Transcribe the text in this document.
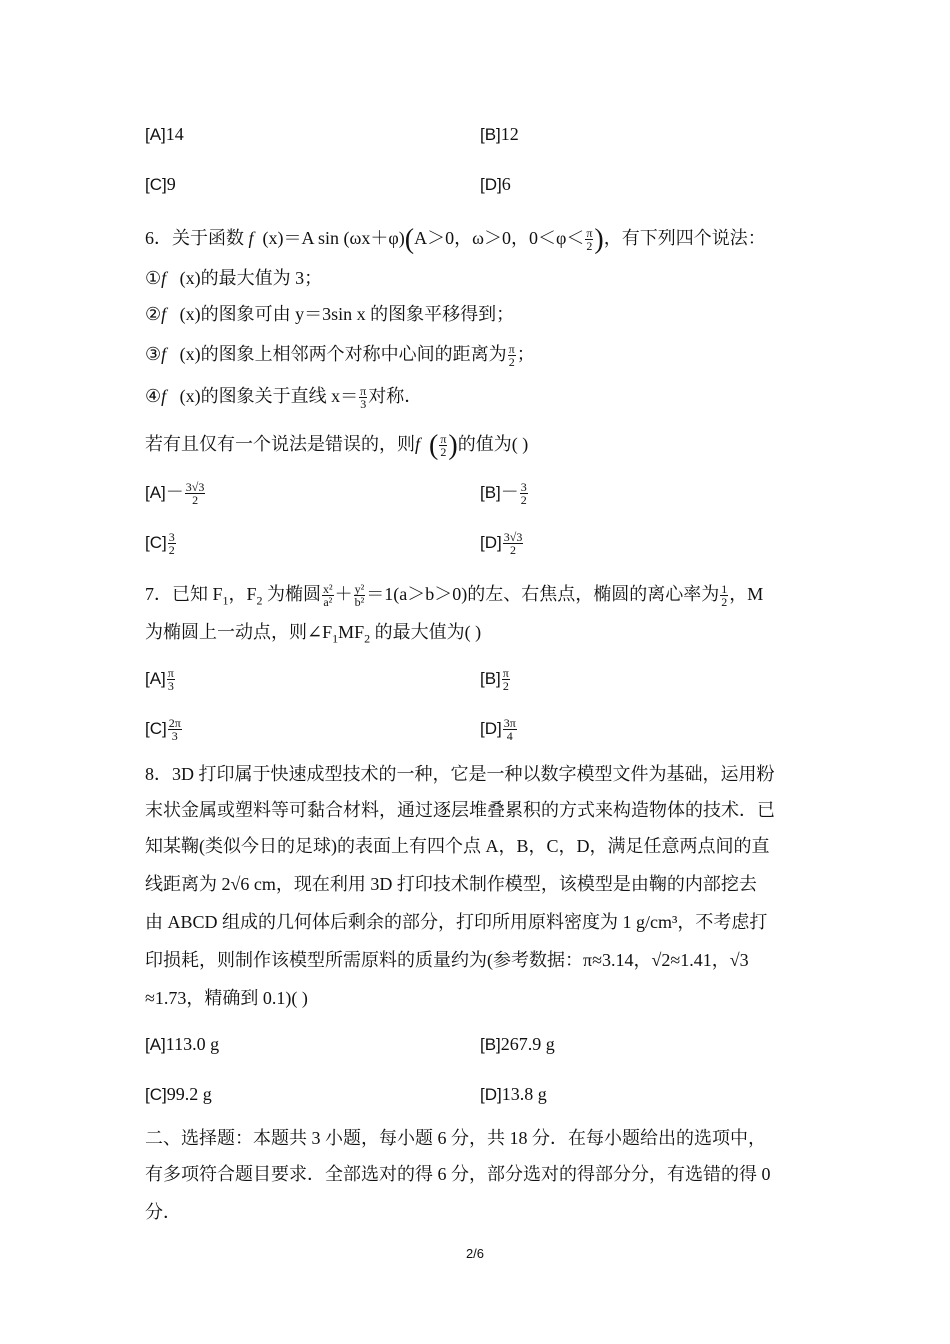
[A]14	[B]12
[C]9	[D]6
6．关于函数 f (x)＝A sin (ωx＋φ)(A＞0，ω＞0，$0<\varphi< \frac{\pi}{2}$ )，有下列四个说法：
①f (x)的最大值为 3；
②f (x)的图象可由 y＝3sin x 的图象平移得到；
③f (x)的图象上相邻两个对称中心间的距离为 $\frac{\pi}{2}$ ；
④f (x)的图象关于直线 $x= \frac{\pi}{3}$ 对称．
若有且仅有一个说法是错误的，则f ( $\frac{\pi}{2}$ )的值为( )
$[A]- \frac{3√3}{2}$	$[B]- \frac{3}{2}$
$[C] \frac{3}{2}$	$[D] \frac{3√3}{2}$
7．已知 $F_1$，$F_2$ 为椭圆 $\frac{\text{x²}}{\text{a²}} + \frac{\text{y²}}{\text{b²}} =1(a>b>0)$的左、右焦点，椭圆的离心率为 $\frac{1}{2}$ ，M
为椭圆上一动点，则$\angle F_1MF_2$ 的最大值为( )
$[A] \frac{\pi}{3}$	$[B] \frac{\pi}{2}$
$[C] \frac{2\pi}{3}$	$[D] \frac{3\pi}{4}$
8．3D 打印属于快速成型技术的一种，它是一种以数字模型文件为基础，运用粉
末状金属或塑料等可黏合材料，通过逐层堆叠累积的方式来构造物体的技术．已
知某鞠(类似今日的足球)的表面上有四个点 A，B，C，D，满足任意两点间的直
线距离为 2√6 cm，现在利用 3D 打印技术制作模型，该模型是由鞠的内部挖去
由 ABCD 组成的几何体后剩余的部分，打印所用原料密度为 1 g/cm³，不考虑打
印损耗，则制作该模型所需原料的质量约为(参考数据：π≈3.14，√2≈1.41，√3
≈1.73，精确到 0.1)( )
[A]113.0 g	[B]267.9 g
[C]99.2 g	[D]13.8 g
二、选择题：本题共 3 小题，每小题 6 分，共 18 分．在每小题给出的选项中，
有多项符合题目要求．全部选对的得 6 分，部分选对的得部分分，有选错的得 0
分．
2/6
